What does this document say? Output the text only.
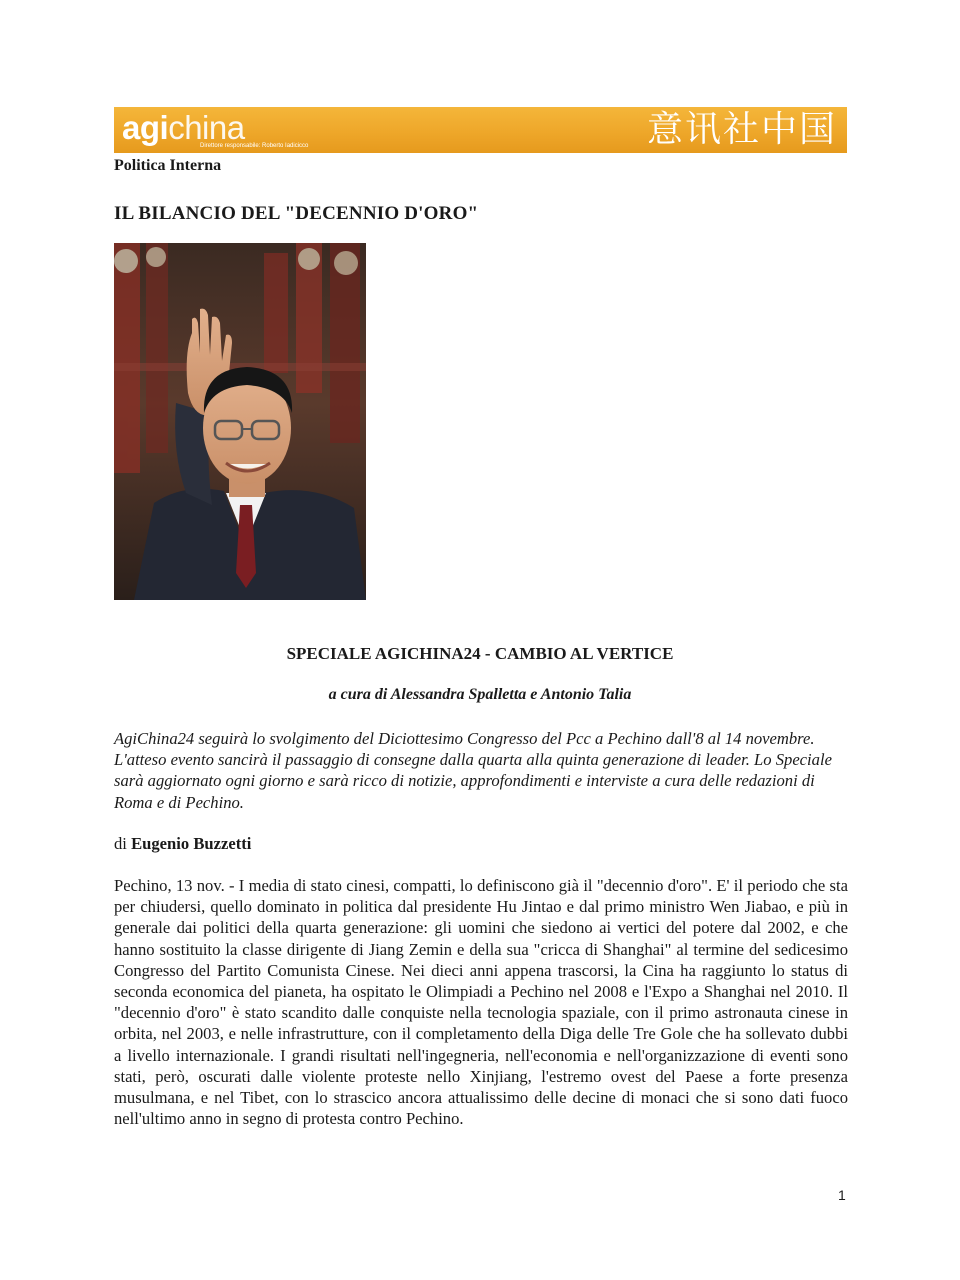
agichina
Direttore responsabile: Roberto Iadicicco	意讯社中国
Politica Interna
IL BILANCIO DEL "DECENNIO D'ORO"
SPECIALE AGICHINA24 - CAMBIO AL VERTICE
a cura di Alessandra Spalletta e Antonio Talia
AgiChina24 seguirà lo svolgimento del Diciottesimo Congresso del Pcc a Pechino dall'8 al 14 novembre. L'atteso evento sancirà il passaggio di consegne dalla quarta alla quinta generazione di leader. Lo Speciale sarà aggiornato ogni giorno e sarà ricco di notizie, approfondimenti e interviste a cura delle redazioni di Roma e di Pechino.
di Eugenio Buzzetti
Pechino, 13 nov. - I media di stato cinesi, compatti, lo definiscono già il "decennio d'oro". E' il periodo che sta per chiudersi, quello dominato in politica dal presidente Hu Jintao e dal primo ministro Wen Jiabao, e più in generale dai politici della quarta generazione: gli uomini che siedono ai vertici del potere dal 2002, e che hanno sostituito la classe dirigente di Jiang Zemin e della sua "cricca di Shanghai" al termine del sedicesimo Congresso del Partito Comunista Cinese. Nei dieci anni appena trascorsi, la Cina ha raggiunto lo status di seconda economica del pianeta, ha ospitato le Olimpiadi a Pechino nel 2008 e l'Expo a Shanghai nel 2010. Il "decennio d'oro" è stato scandito dalle conquiste nella tecnologia spaziale, con il primo astronauta cinese in orbita, nel 2003, e nelle infrastrutture, con il completamento della Diga delle Tre Gole che ha sollevato dubbi a livello internazionale. I grandi risultati nell'ingegneria, nell'economia e nell'organizzazione di eventi sono stati, però, oscurati dalle violente proteste nello Xinjiang, l'estremo ovest del Paese a forte presenza musulmana, e nel Tibet, con lo strascico ancora attualissimo delle decine di monaci che si sono dati fuoco nell'ultimo anno in segno di protesta contro Pechino.
1
